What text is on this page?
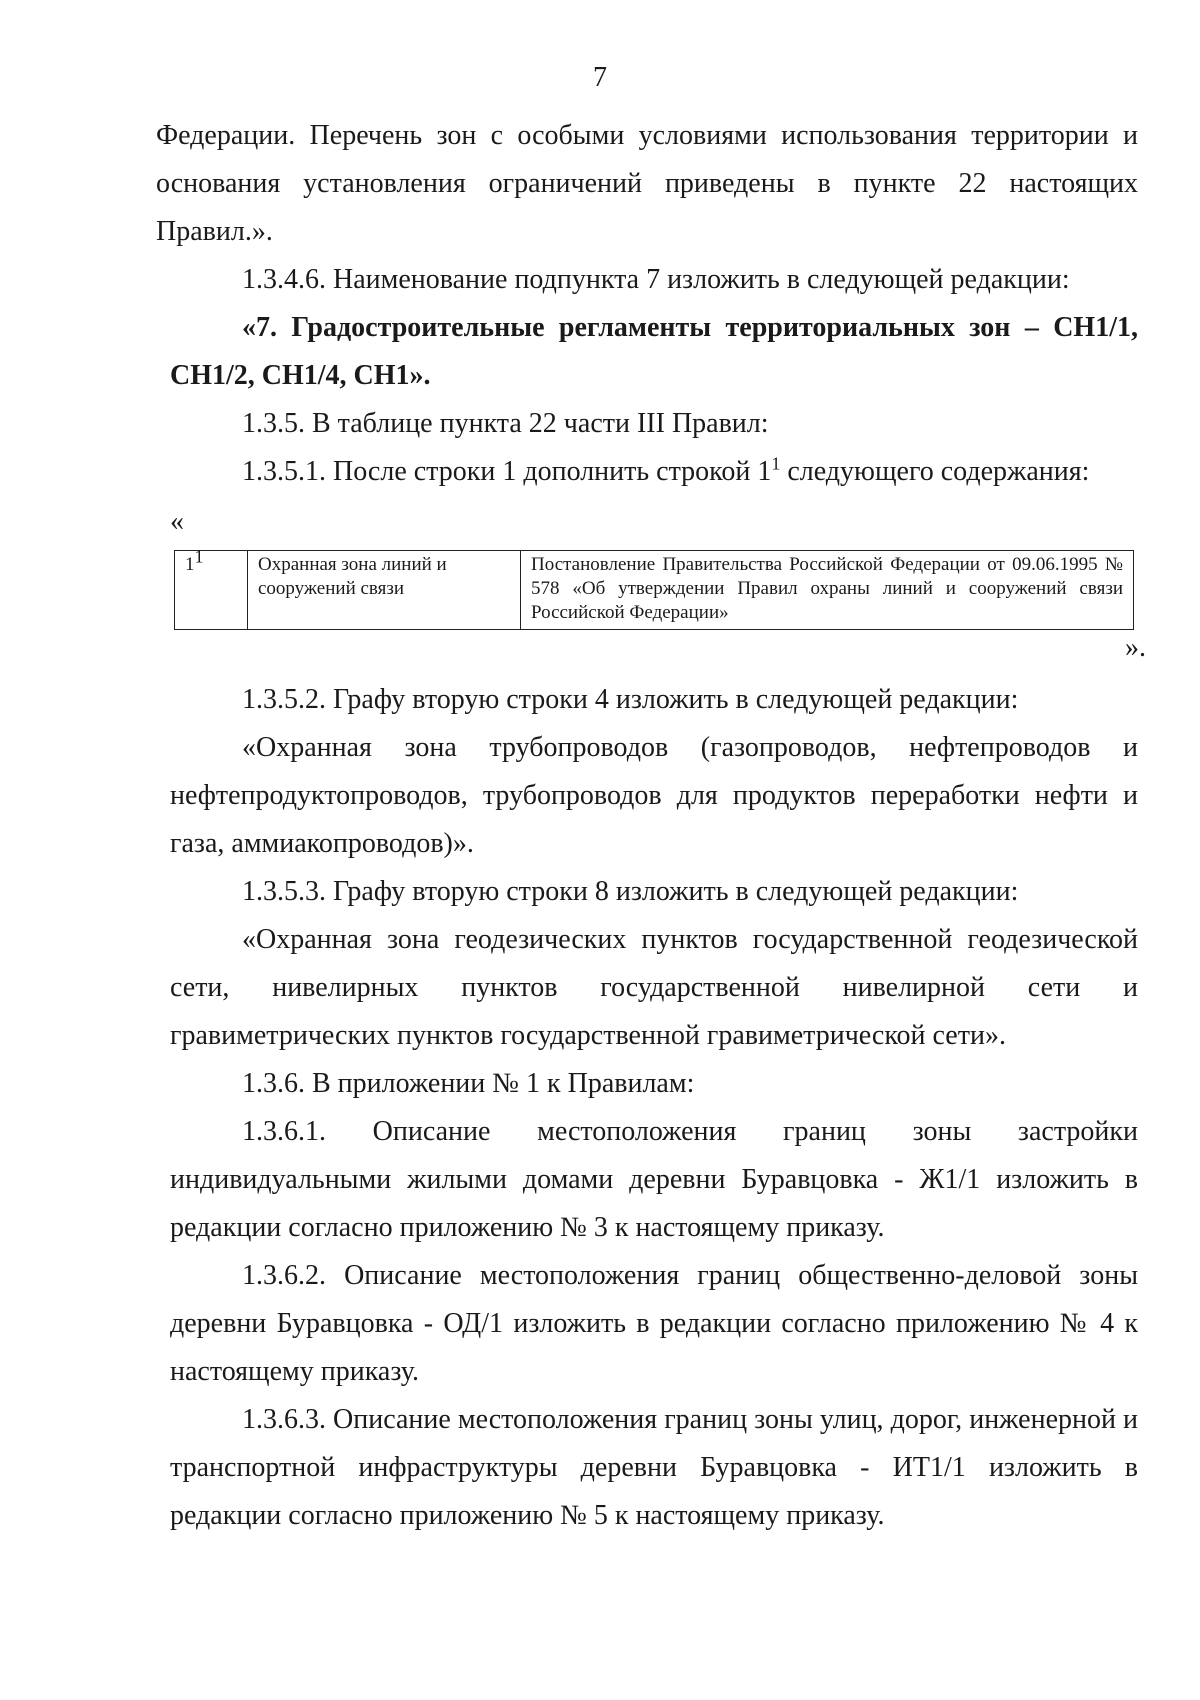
7

Федерации. Перечень зон с особыми условиями использования территории и основания установления ограничений приведены в пункте 22 настоящих Правил.».

1.3.4.6. Наименование подпункта 7 изложить в следующей редакции:

«7. Градостроительные регламенты территориальных зон – СН1/1, СН1/2, СН1/4, СН1».

1.3.5. В таблице пункта 22 части III Правил:

1.3.5.1. После строки 1 дополнить строкой $1^1$ следующего содержания:

«
$1^1$	Охранная зона линий и сооружений связи	Постановление Правительства Российской Федерации от 09.06.1995 № 578 «Об утверждении Правил охраны линий и сооружений связи Российской Федерации»
».

1.3.5.2. Графу вторую строки 4 изложить в следующей редакции:

«Охранная зона трубопроводов (газопроводов, нефтепроводов и нефтепродуктопроводов, трубопроводов для продуктов переработки нефти и газа, аммиакопроводов)».

1.3.5.3. Графу вторую строки 8 изложить в следующей редакции:

«Охранная зона геодезических пунктов государственной геодезической сети, нивелирных пунктов государственной нивелирной сети и гравиметрических пунктов государственной гравиметрической сети».

1.3.6. В приложении № 1 к Правилам:

1.3.6.1. Описание местоположения границ зоны застройки индивидуальными жилыми домами деревни Буравцовка - Ж1/1 изложить в редакции согласно приложению № 3 к настоящему приказу.

1.3.6.2. Описание местоположения границ общественно-деловой зоны деревни Буравцовка - ОД/1 изложить в редакции согласно приложению № 4 к настоящему приказу.

1.3.6.3. Описание местоположения границ зоны улиц, дорог, инженерной и транспортной инфраструктуры деревни Буравцовка - ИТ1/1 изложить в редакции согласно приложению № 5 к настоящему приказу.
